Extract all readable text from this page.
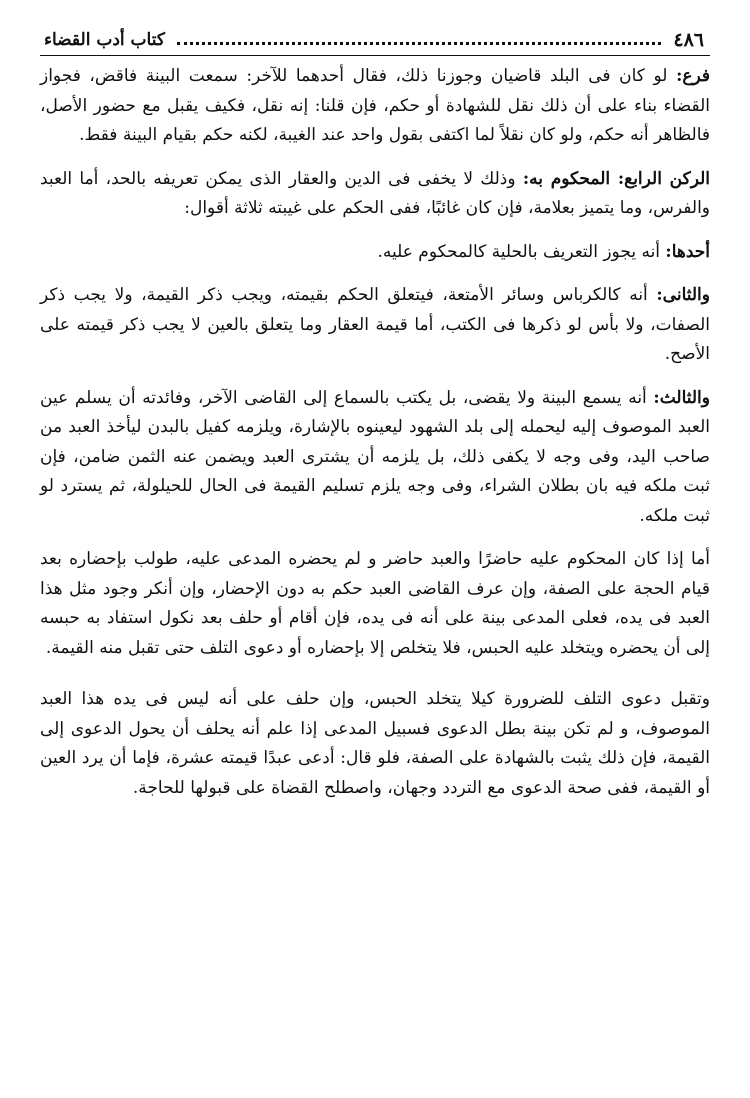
٤٨٦
كتاب أدب القضاء

فرع: لو كان فى البلد قاضيان وجوزنا ذلك، فقال أحدهما للآخر: سمعت البينة فاقض، فجواز القضاء بناء على أن ذلك نقل للشهادة أو حكم، فإن قلنا: إنه نقل، فكيف يقبل مع حضور الأصل، فالظاهر أنه حكم، ولو كان نقلاً لما اكتفى بقول واحد عند الغيبة، لكنه حكم بقيام البينة فقط.

الركن الرابع: المحكوم به: وذلك لا يخفى فى الدين والعقار الذى يمكن تعريفه بالحد، أما العبد والفرس، وما يتميز بعلامة، فإن كان غائبًا، ففى الحكم على غيبته ثلاثة أقوال:

أحدها: أنه يجوز التعريف بالحلية كالمحكوم عليه.

والثانى: أنه كالكرباس وسائر الأمتعة، فيتعلق الحكم بقيمته، ويجب ذكر القيمة، ولا يجب ذكر الصفات، ولا بأس لو ذكرها فى الكتب، أما قيمة العقار وما يتعلق بالعين لا يجب ذكر قيمته على الأصح.

والثالث: أنه يسمع البينة ولا يقضى، بل يكتب بالسماع إلى القاضى الآخر، وفائدته أن يسلم عين العبد الموصوف إليه ليحمله إلى بلد الشهود ليعينوه بالإشارة، ويلزمه كفيل بالبدن ليأخذ العبد من صاحب اليد، وفى وجه لا يكفى ذلك، بل يلزمه أن يشترى العبد ويضمن عنه الثمن ضامن، فإن ثبت ملكه فيه بان بطلان الشراء، وفى وجه يلزم تسليم القيمة فى الحال للحيلولة، ثم يسترد لو ثبت ملكه.

أما إذا كان المحكوم عليه حاضرًا والعبد حاضر و لم يحضره المدعى عليه، طولب بإحضاره بعد قيام الحجة على الصفة، وإن عرف القاضى العبد حكم به دون الإحضار، وإن أنكر وجود مثل هذا العبد فى يده، فعلى المدعى بينة على أنه فى يده، فإن أقام أو حلف بعد نكول استفاد به حبسه إلى أن يحضره ويتخلد عليه الحبس، فلا يتخلص إلا بإحضاره أو دعوى التلف حتى تقبل منه القيمة.

وتقبل دعوى التلف للضرورة كيلا يتخلد الحبس، وإن حلف على أنه ليس فى يده هذا العبد الموصوف، و لم تكن بينة بطل الدعوى فسبيل المدعى إذا علم أنه يحلف أن يحول الدعوى إلى القيمة، فإن ذلك يثبت بالشهادة على الصفة، فلو قال: أدعى عبدًا قيمته عشرة، فإما أن يرد العين أو القيمة، ففى صحة الدعوى مع التردد وجهان، واصطلح القضاة على قبولها للحاجة.
